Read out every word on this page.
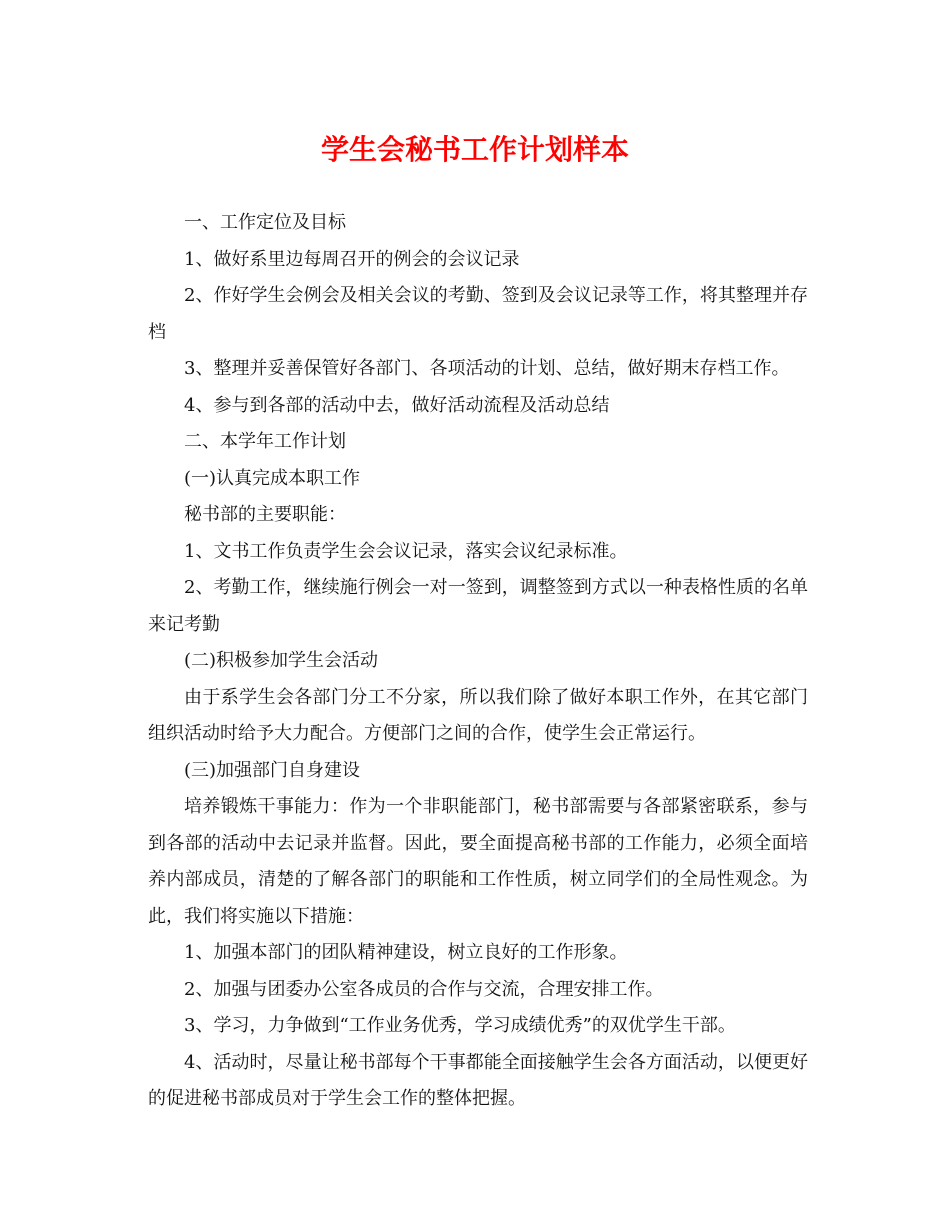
学生会秘书工作计划样本

一、工作定位及目标

1、做好系里边每周召开的例会的会议记录

2、作好学生会例会及相关会议的考勤、签到及会议记录等工作，将其整理并存档

3、整理并妥善保管好各部门、各项活动的计划、总结，做好期末存档工作。

4、参与到各部的活动中去，做好活动流程及活动总结

二、本学年工作计划

(一)认真完成本职工作

秘书部的主要职能：

1、文书工作负责学生会会议记录，落实会议纪录标准。

2、考勤工作，继续施行例会一对一签到，调整签到方式以一种表格性质的名单来记考勤

(二)积极参加学生会活动

由于系学生会各部门分工不分家，所以我们除了做好本职工作外，在其它部门组织活动时给予大力配合。方便部门之间的合作，使学生会正常运行。

(三)加强部门自身建设

培养锻炼干事能力：作为一个非职能部门，秘书部需要与各部紧密联系，参与到各部的活动中去记录并监督。因此，要全面提高秘书部的工作能力，必须全面培养内部成员，清楚的了解各部门的职能和工作性质，树立同学们的全局性观念。为此，我们将实施以下措施：

1、加强本部门的团队精神建设，树立良好的工作形象。

2、加强与团委办公室各成员的合作与交流，合理安排工作。

3、学习，力争做到“工作业务优秀，学习成绩优秀”的双优学生干部。

4、活动时，尽量让秘书部每个干事都能全面接触学生会各方面活动，以便更好的促进秘书部成员对于学生会工作的整体把握。
